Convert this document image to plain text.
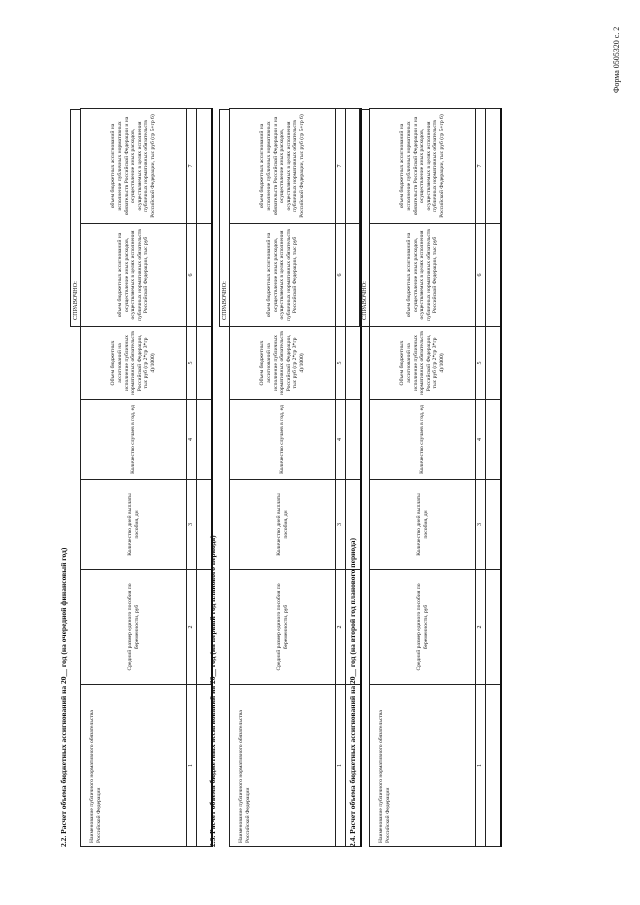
Форма 0505320 с. 2
2.2. Расчет объема бюджетных ассигнований на 20__ год (на очередной финансовый год)
СПРАВОЧНО:
Наименование публичного нормативного обязательства Российской Федерации	Средний размер единого пособия по беременности, руб	Количество дней выплаты пособия, дн	Количество случаев в год, ед	Объем бюджетных ассигнований на исполнение публичных нормативных обязательств Российской Федерации, тыс руб (гр 2*гр 3*гр 4)/1000)	объем бюджетных ассигнований на осуществление иных расходов, осуществляемых в целях исполнения публичных нормативных обязательств Российской Федерации, тыс руб	объем бюджетных ассигнований на исполнение публичных нормативных обязательств Российской Федерации и на осуществление иных расходов, осуществляемых в целях исполнения публичных нормативных обязательств Российской Федерации, тыс руб (гр 5+гр 6)
1	2	3	4	5	6	7

2.3. Расчет объема бюджетных ассигнований на 20__ год (на первый год планового периода)
СПРАВОЧНО:
Наименование публичного нормативного обязательства Российской Федерации	Средний размер единого пособия по беременности, руб	Количество дней выплаты пособия, дн	Количество случаев в год, ед	Объем бюджетных ассигнований на исполнение публичных нормативных обязательств Российской Федерации, тыс руб (гр 2*гр 3*гр 4)/1000)	объем бюджетных ассигнований на осуществление иных расходов, осуществляемых в целях исполнения публичных нормативных обязательств Российской Федерации, тыс руб	объем бюджетных ассигнований на исполнение публичных нормативных обязательств Российской Федерации и на осуществление иных расходов, осуществляемых в целях исполнения публичных нормативных обязательств Российской Федерации, тыс руб (гр 5+гр 6)
1	2	3	4	5	6	7

2.4. Расчет объема бюджетных ассигнований на 20__ год (на второй год планового периода)
СПРАВОЧНО:
Наименование публичного нормативного обязательства Российской Федерации	Средний размер единого пособия по беременности, руб	Количество дней выплаты пособия, дн	Количество случаев в год, ед	Объем бюджетных ассигнований на исполнение публичных нормативных обязательств Российской Федерации, тыс руб (гр 2*гр 3*гр 4)/1000)	объем бюджетных ассигнований на осуществление иных расходов, осуществляемых в целях исполнения публичных нормативных обязательств Российской Федерации, тыс руб	объем бюджетных ассигнований на исполнение публичных нормативных обязательств Российской Федерации и на осуществление иных расходов, осуществляемых в целях исполнения публичных нормативных обязательств Российской Федерации, тыс руб (гр 5+гр 6)
1	2	3	4	5	6	7
